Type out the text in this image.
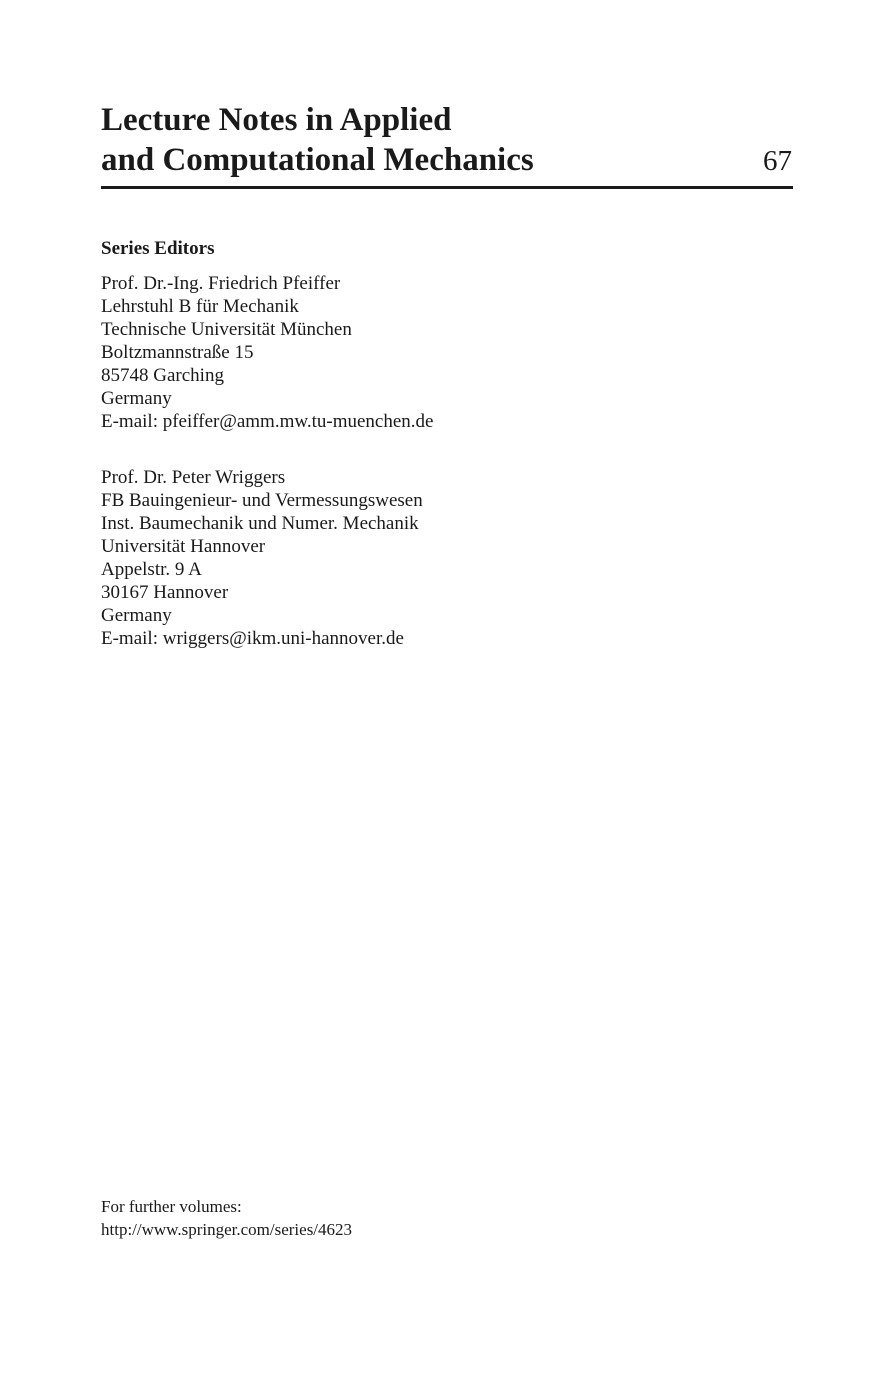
Lecture Notes in Applied
and Computational Mechanics	67
Series Editors
Prof. Dr.-Ing. Friedrich Pfeiffer
Lehrstuhl B für Mechanik
Technische Universität München
Boltzmannstraße 15
85748 Garching
Germany
E-mail: pfeiffer@amm.mw.tu-muenchen.de
Prof. Dr. Peter Wriggers
FB Bauingenieur- und Vermessungswesen
Inst. Baumechanik und Numer. Mechanik
Universität Hannover
Appelstr. 9 A
30167 Hannover
Germany
E-mail: wriggers@ikm.uni-hannover.de
For further volumes:
http://www.springer.com/series/4623
